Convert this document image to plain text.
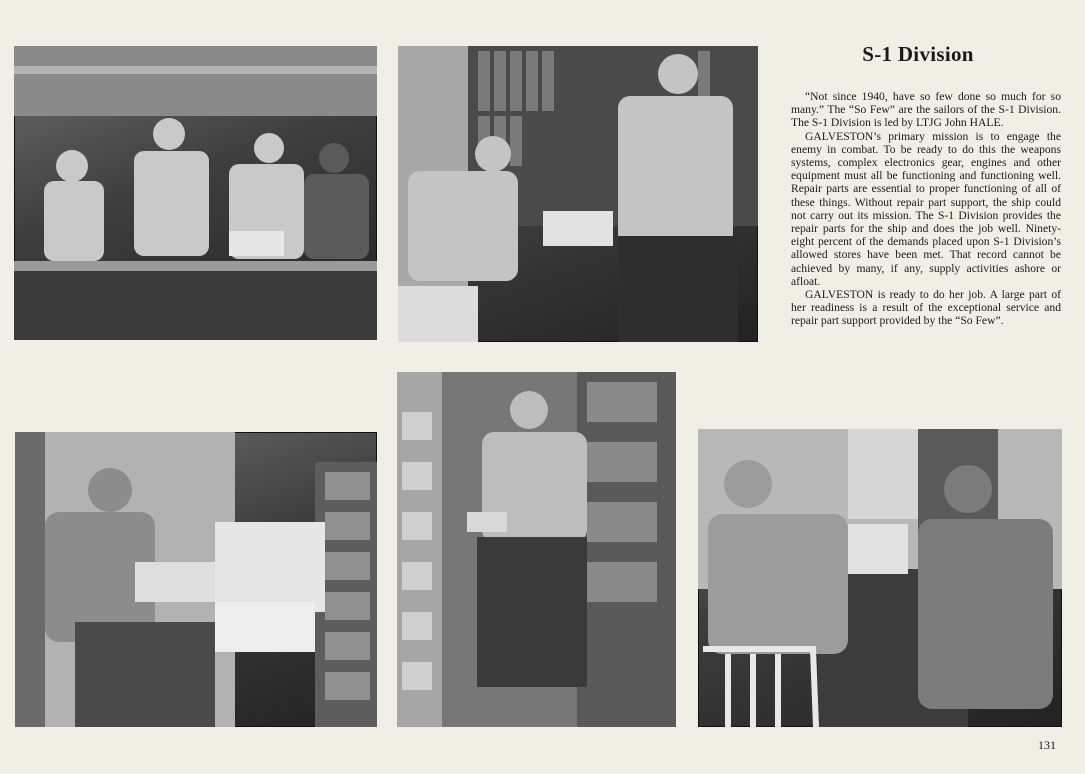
S-1 Division

“Not since 1940, have so few done so much for so many.” The “So Few” are the sailors of the S-1 Division. The S-1 Division is led by LTJG John HALE.

GALVESTON’s primary mission is to engage the enemy in combat. To be ready to do this the weapons systems, complex electronics gear, engines and other equipment must all be functioning and functioning well. Repair parts are essential to proper functioning of all of these things. Without repair part support, the ship could not carry out its mission. The S-1 Division provides the repair parts for the ship and does the job well. Ninety-eight percent of the demands placed upon S-1 Division’s allowed stores have been met. That record cannot be achieved by many, if any, supply activities ashore or afloat.

GALVESTON is ready to do her job. A large part of her readiness is a result of the exceptional service and repair part support provided by the “So Few”.

131
